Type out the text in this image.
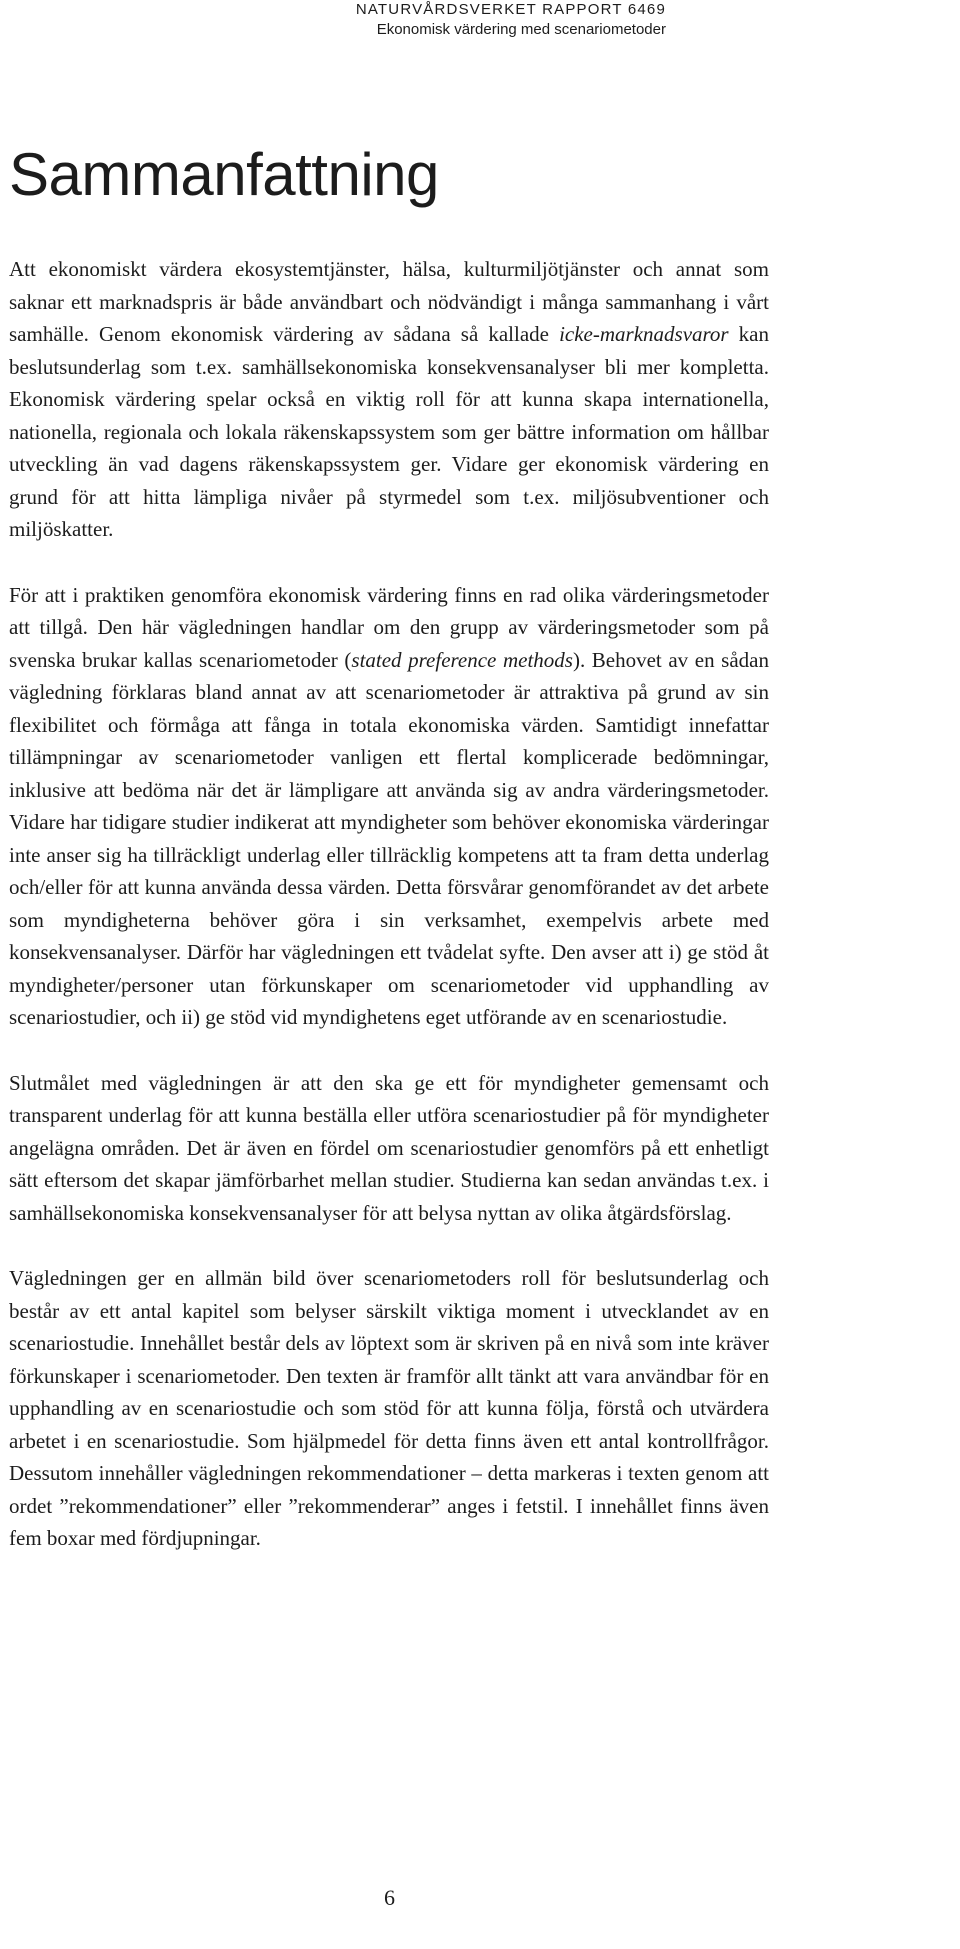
NATURVÅRDSVERKET RAPPORT 6469
Ekonomisk värdering med scenariometoder
Sammanfattning

Att ekonomiskt värdera ekosystemtjänster, hälsa, kulturmiljötjänster och annat som saknar ett marknadspris är både användbart och nödvändigt i många sammanhang i vårt samhälle. Genom ekonomisk värdering av sådana så kallade icke-marknadsvaror kan beslutsunderlag som t.ex. samhällsekonomiska konsekvensanalyser bli mer kompletta. Ekonomisk värdering spelar också en viktig roll för att kunna skapa internationella, nationella, regionala och lokala räkenskapssystem som ger bättre information om hållbar utveckling än vad dagens räkenskapssystem ger. Vidare ger ekonomisk värdering en grund för att hitta lämpliga nivåer på styrmedel som t.ex. miljösubventioner och miljöskatter.

För att i praktiken genomföra ekonomisk värdering finns en rad olika värderingsmetoder att tillgå. Den här vägledningen handlar om den grupp av värderingsmetoder som på svenska brukar kallas scenariometoder (stated preference methods). Behovet av en sådan vägledning förklaras bland annat av att scenariometoder är attraktiva på grund av sin flexibilitet och förmåga att fånga in totala ekonomiska värden. Samtidigt innefattar tillämpningar av scenariometoder vanligen ett flertal komplicerade bedömningar, inklusive att bedöma när det är lämpligare att använda sig av andra värderingsmetoder. Vidare har tidigare studier indikerat att myndigheter som behöver ekonomiska värderingar inte anser sig ha tillräckligt underlag eller tillräcklig kompetens att ta fram detta underlag och/eller för att kunna använda dessa värden. Detta försvårar genomförandet av det arbete som myndigheterna behöver göra i sin verksamhet, exempelvis arbete med konsekvensanalyser. Därför har vägledningen ett tvådelat syfte. Den avser att i) ge stöd åt myndigheter/personer utan förkunskaper om scenariometoder vid upphandling av scenariostudier, och ii) ge stöd vid myndighetens eget utförande av en scenariostudie.

Slutmålet med vägledningen är att den ska ge ett för myndigheter gemensamt och transparent underlag för att kunna beställa eller utföra scenariostudier på för myndigheter angelägna områden. Det är även en fördel om scenariostudier genomförs på ett enhetligt sätt eftersom det skapar jämförbarhet mellan studier. Studierna kan sedan användas t.ex. i samhällsekonomiska konsekvensanalyser för att belysa nyttan av olika åtgärdsförslag.

Vägledningen ger en allmän bild över scenariometoders roll för beslutsunderlag och består av ett antal kapitel som belyser särskilt viktiga moment i utvecklandet av en scenariostudie. Innehållet består dels av löptext som är skriven på en nivå som inte kräver förkunskaper i scenariometoder. Den texten är framför allt tänkt att vara användbar för en upphandling av en scenariostudie och som stöd för att kunna följa, förstå och utvärdera arbetet i en scenariostudie. Som hjälpmedel för detta finns även ett antal kontrollfrågor. Dessutom innehåller vägledningen rekommendationer – detta markeras i texten genom att ordet ”rekommendationer” eller ”rekommenderar” anges i fetstil. I innehållet finns även fem boxar med fördjupningar.

6
